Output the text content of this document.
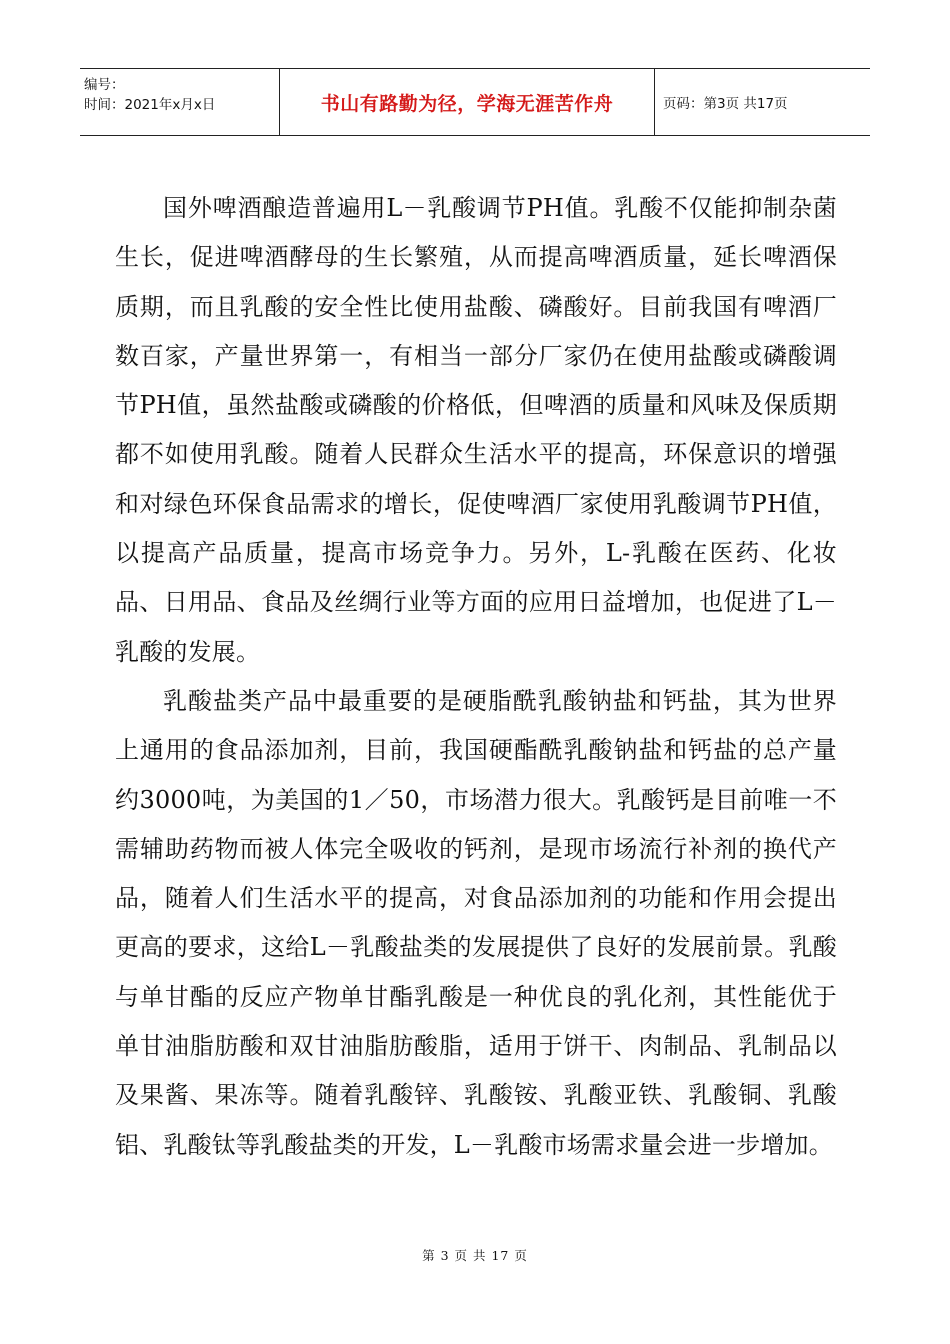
编号：
时间：2021年x月x日	书山有路勤为径，学海无涯苦作舟	页码：第3页 共17页

国外啤酒酿造普遍用L－乳酸调节PH值。乳酸不仅能抑制杂菌生长，促进啤酒酵母的生长繁殖，从而提高啤酒质量，延长啤酒保质期，而且乳酸的安全性比使用盐酸、磷酸好。目前我国有啤酒厂数百家，产量世界第一，有相当一部分厂家仍在使用盐酸或磷酸调节PH值，虽然盐酸或磷酸的价格低，但啤酒的质量和风味及保质期都不如使用乳酸。随着人民群众生活水平的提高，环保意识的增强和对绿色环保食品需求的增长，促使啤酒厂家使用乳酸调节PH值，以提高产品质量，提高市场竞争力。另外，L-乳酸在医药、化妆品、日用品、食品及丝绸行业等方面的应用日益增加，也促进了L－乳酸的发展。

乳酸盐类产品中最重要的是硬脂酰乳酸钠盐和钙盐，其为世界上通用的食品添加剂，目前，我国硬酯酰乳酸钠盐和钙盐的总产量约3000吨，为美国的1／50，市场潜力很大。乳酸钙是目前唯一不需辅助药物而被人体完全吸收的钙剂，是现市场流行补剂的换代产品，随着人们生活水平的提高，对食品添加剂的功能和作用会提出更高的要求，这给L－乳酸盐类的发展提供了良好的发展前景。乳酸与单甘酯的反应产物单甘酯乳酸是一种优良的乳化剂，其性能优于单甘油脂肪酸和双甘油脂肪酸脂，适用于饼干、肉制品、乳制品以及果酱、果冻等。随着乳酸锌、乳酸铵、乳酸亚铁、乳酸铜、乳酸铝、乳酸钛等乳酸盐类的开发，L－乳酸市场需求量会进一步增加。

第 3 页 共 17 页
